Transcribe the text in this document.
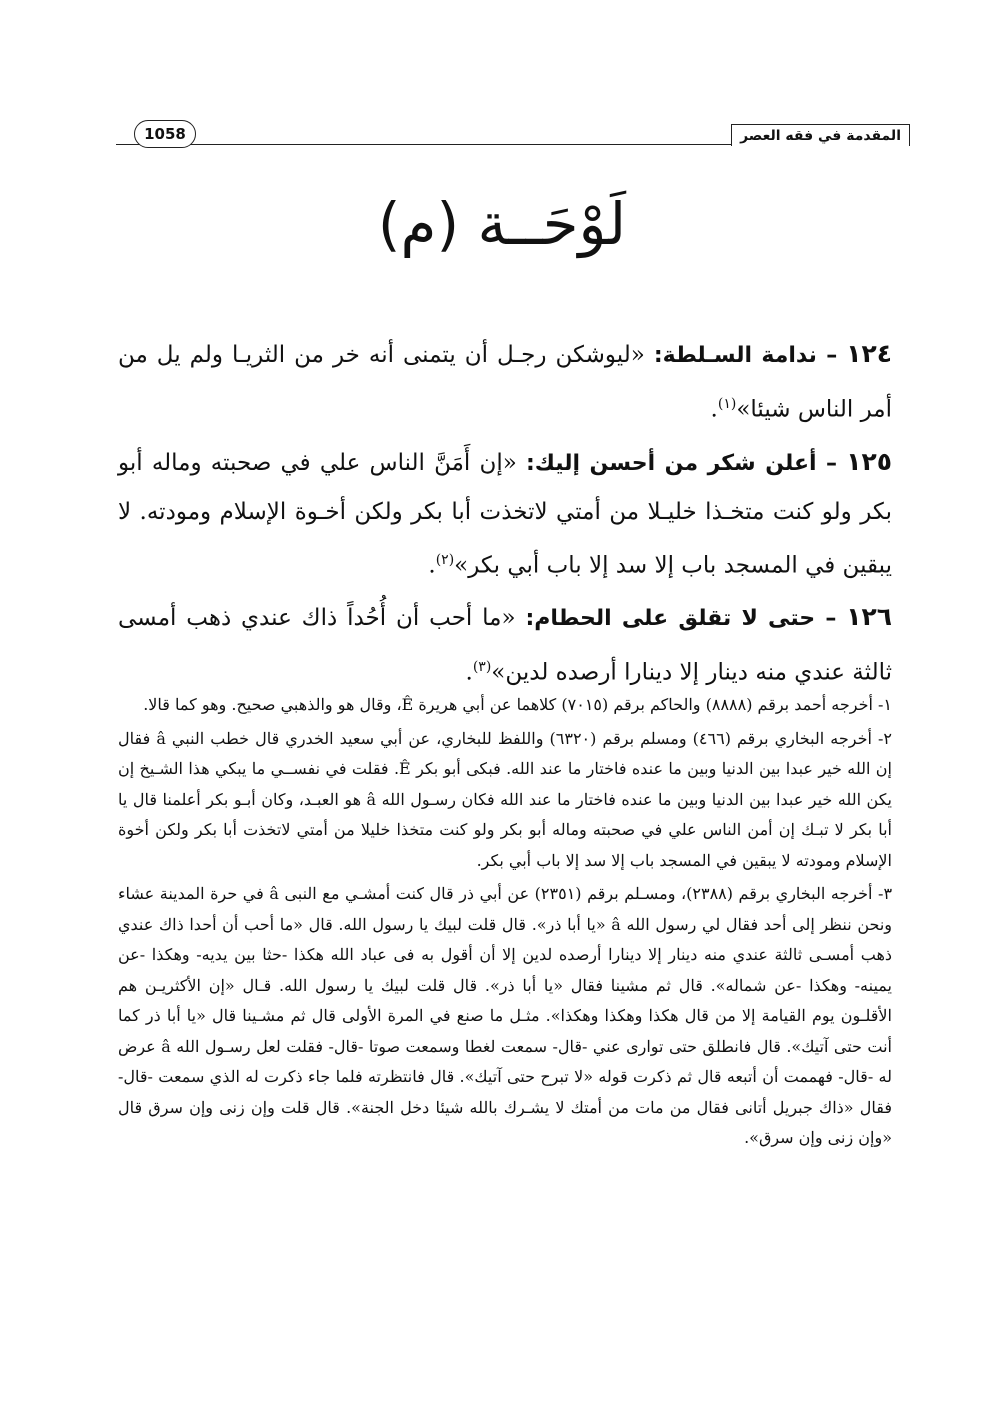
المقدمة في فقه العصر
1058
لَوْحَــة (م)

١٢٤ – ندامة السـلطة: «ليوشكن رجـل أن يتمنى أنه خر من الثريـا ولم يل من أمر الناس شيئا»$^{(١)}$.

١٢٥ – أعلن شكر من أحسن إليك: «إن أَمَنَّ الناس علي في صحبته وماله أبو بكر ولو كنت متخـذا خليـلا من أمتي لاتخذت أبا بكر ولكن أخـوة الإسلام ومودته. لا يبقين في المسجد باب إلا سد إلا باب أبي بكر»$^{(٢)}$.

١٢٦ – حتى لا تقلق على الحطام: «ما أحب أن أُحُداً ذاك عندي ذهب أمسى ثالثة عندي منه دينار إلا دينارا أرصده لدين»$^{(٣)}$.

١- أخرجه أحمد برقم (٨٨٨٨) والحاكم برقم (٧٠١٥) كلاهما عن أبي هريرة Ê، وقال هو والذهبي صحيح. وهو كما قالا.

٢- أخرجه البخاري برقم (٤٦٦) ومسلم برقم (٦٣٢٠) واللفظ للبخاري، عن أبي سعيد الخدري قال خطب النبي â فقال إن الله خير عبدا بين الدنيا وبين ما عنده فاختار ما عند الله. فبكى أبو بكر Ê. فقلت في نفســي ما يبكي هذا الشـيخ إن يكن الله خير عبدا بين الدنيا وبين ما عنده فاختار ما عند الله فكان رسـول الله â هو العبـد، وكان أبـو بكر أعلمنا قال يا أبا بكر لا تبـك إن أمن الناس علي في صحبته وماله أبو بكر ولو كنت متخذا خليلا من أمتي لاتخذت أبا بكر ولكن أخوة الإسلام ومودته لا يبقين في المسجد باب إلا سد إلا باب أبي بكر.

٣- أخرجه البخاري برقم (٢٣٨٨)، ومسـلم برقم (٢٣٥١) عن أبي ذر قال كنت أمشـي مع النبى â في حرة المدينة عشاء ونحن ننظر إلى أحد فقال لي رسول الله â «يا أبا ذر». قال قلت لبيك يا رسول الله. قال «ما أحب أن أحدا ذاك عندي ذهب أمسـى ثالثة عندي منه دينار إلا دينارا أرصده لدين إلا أن أقول به فى عباد الله هكذا -حثا بين يديه- وهكذا -عن يمينه- وهكذا -عن شماله». قال ثم مشينا فقال «يا أبا ذر». قال قلت لبيك يا رسول الله. قـال «إن الأكثريـن هم الأقلـون يوم القيامة إلا من قال هكذا وهكذا وهكذا». مثـل ما صنع في المرة الأولى قال ثم مشـينا قال «يا أبا ذر كما أنت حتى آتيك». قال فانطلق حتى توارى عني -قال- سمعت لغطا وسمعت صوتا -قال- فقلت لعل رسـول الله â عرض له -قال- فهممت أن أتبعه قال ثم ذكرت قوله «لا تبرح حتى آتيك». قال فانتظرته فلما جاء ذكرت له الذي سمعت -قال- فقال «ذاك جبريل أتانى فقال من مات من أمتك لا يشـرك بالله شيئا دخل الجنة». قال قلت وإن زنى وإن سرق قال «وإن زنى وإن سرق».
